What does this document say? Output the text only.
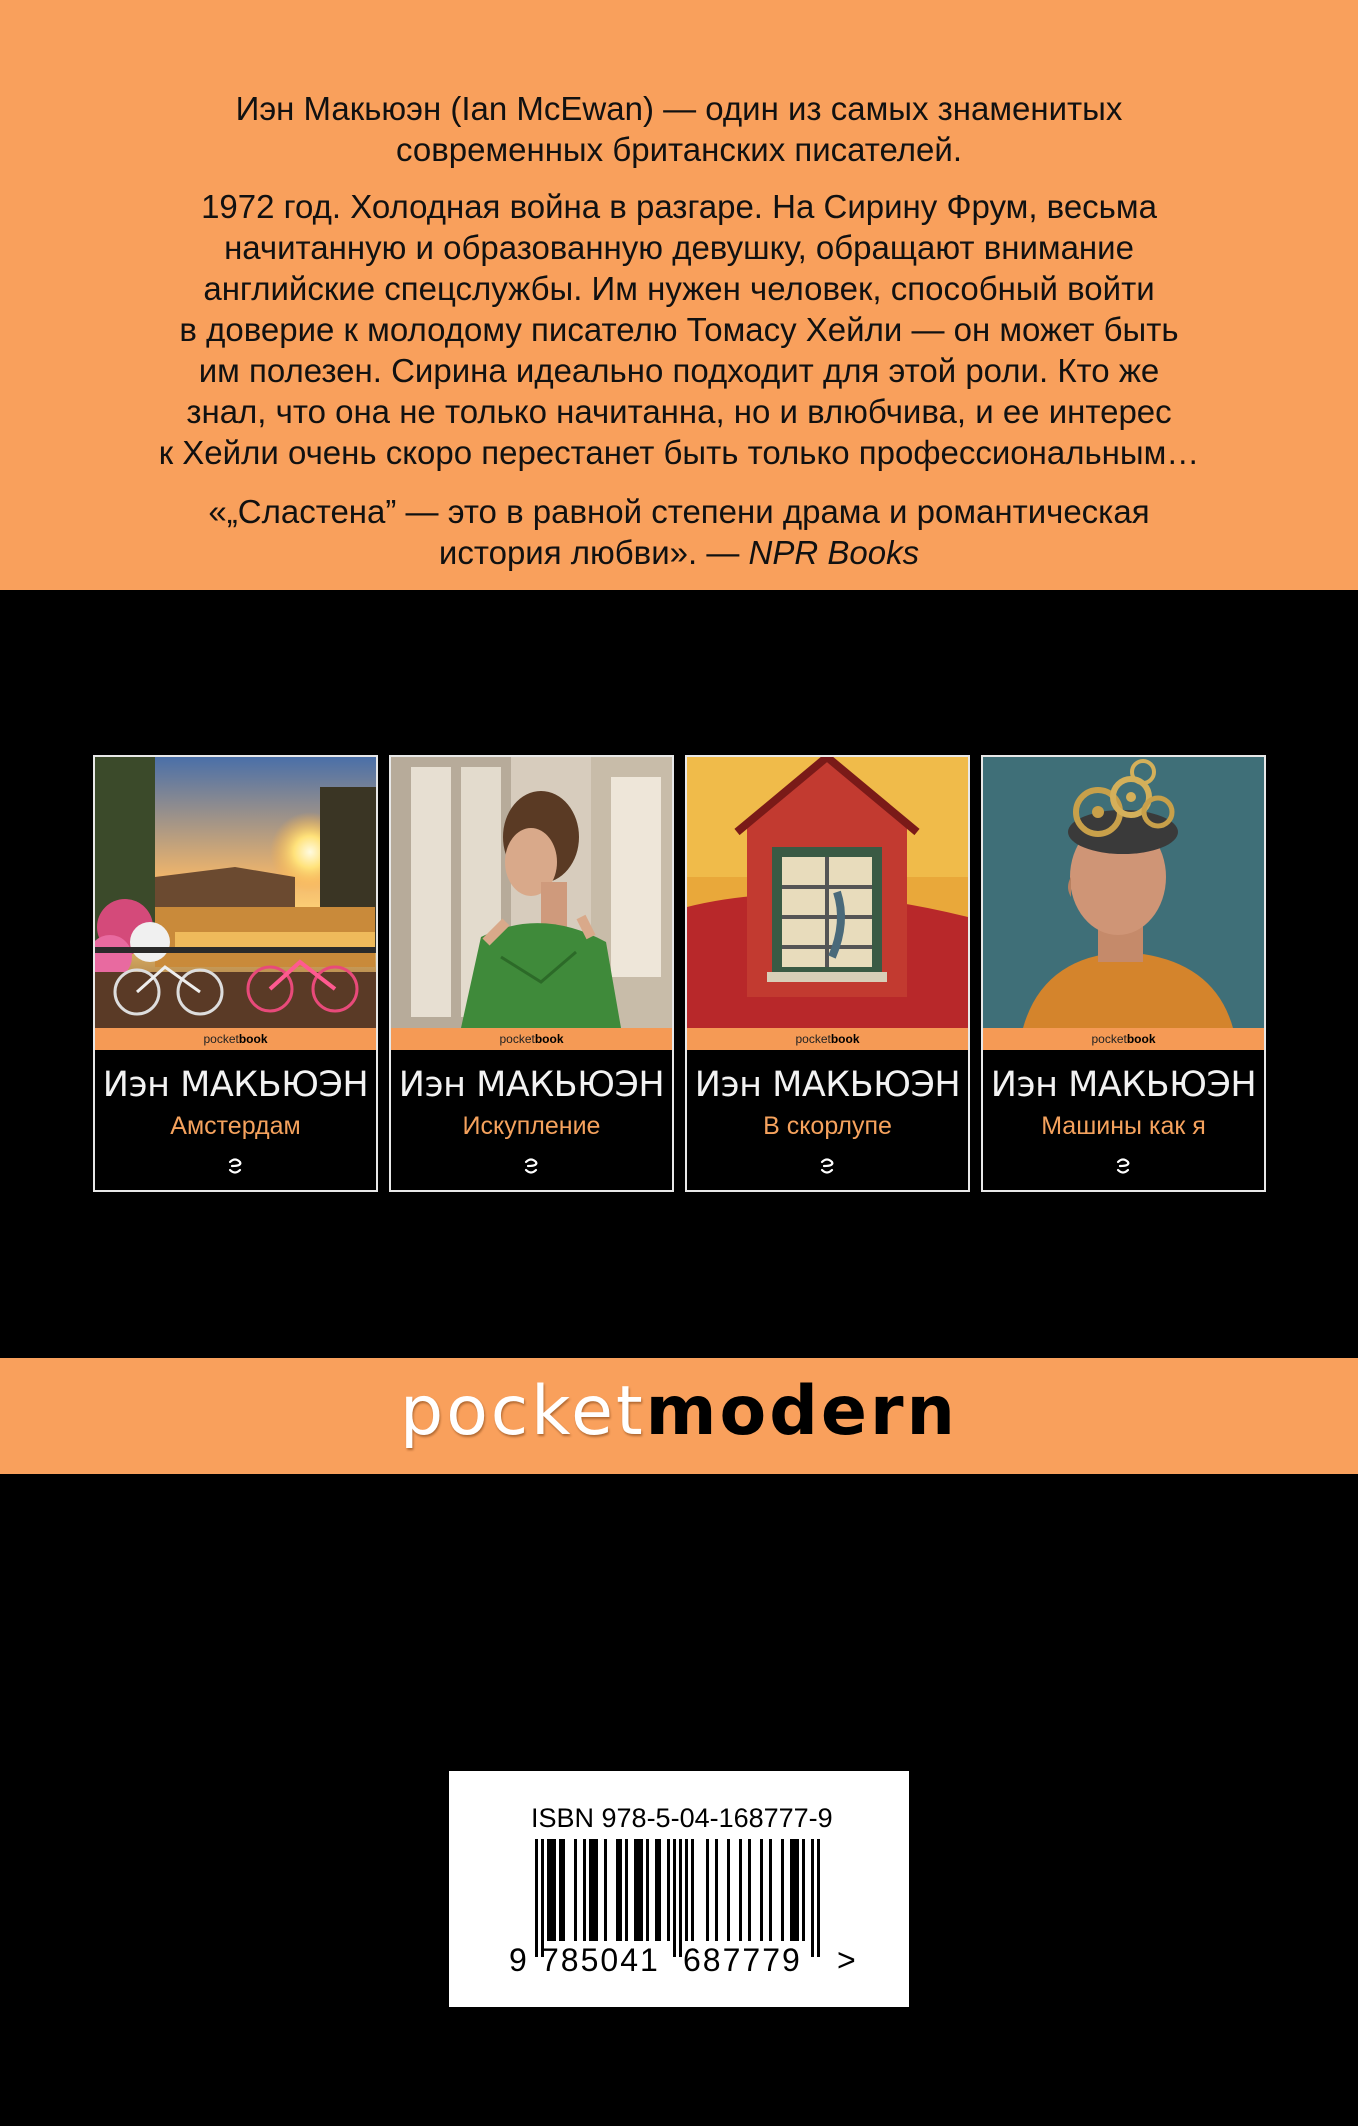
Иэн Макьюэн (Ian McEwan) — один из самых знаменитых
современных британских писателей.
1972 год. Холодная война в разгаре. На Сирину Фрум, весьма
начитанную и образованную девушку, обращают внимание
английские спецслужбы. Им нужен человек, способный войти
в доверие к молодому писателю Томасу Хейли — он может быть
им полезен. Сирина идеально подходит для этой роли. Кто же
знал, что она не только начитанна, но и влюбчива, и ее интерес
к Хейли очень скоро перестанет быть только профессиональным…
«„Сластена” — это в равной степени драма и романтическая
история любви». — NPR Books
pocketbook
Иэн МАКЬЮЭН
Амстердам
pocketbook
Иэн МАКЬЮЭН
Искупление
pocketbook
Иэн МАКЬЮЭН
В скорлупе
pocketbook
Иэн МАКЬЮЭН
Машины как я
pocketmodern
ISBN 978-5-04-168777-9
9 785041 687779 >
